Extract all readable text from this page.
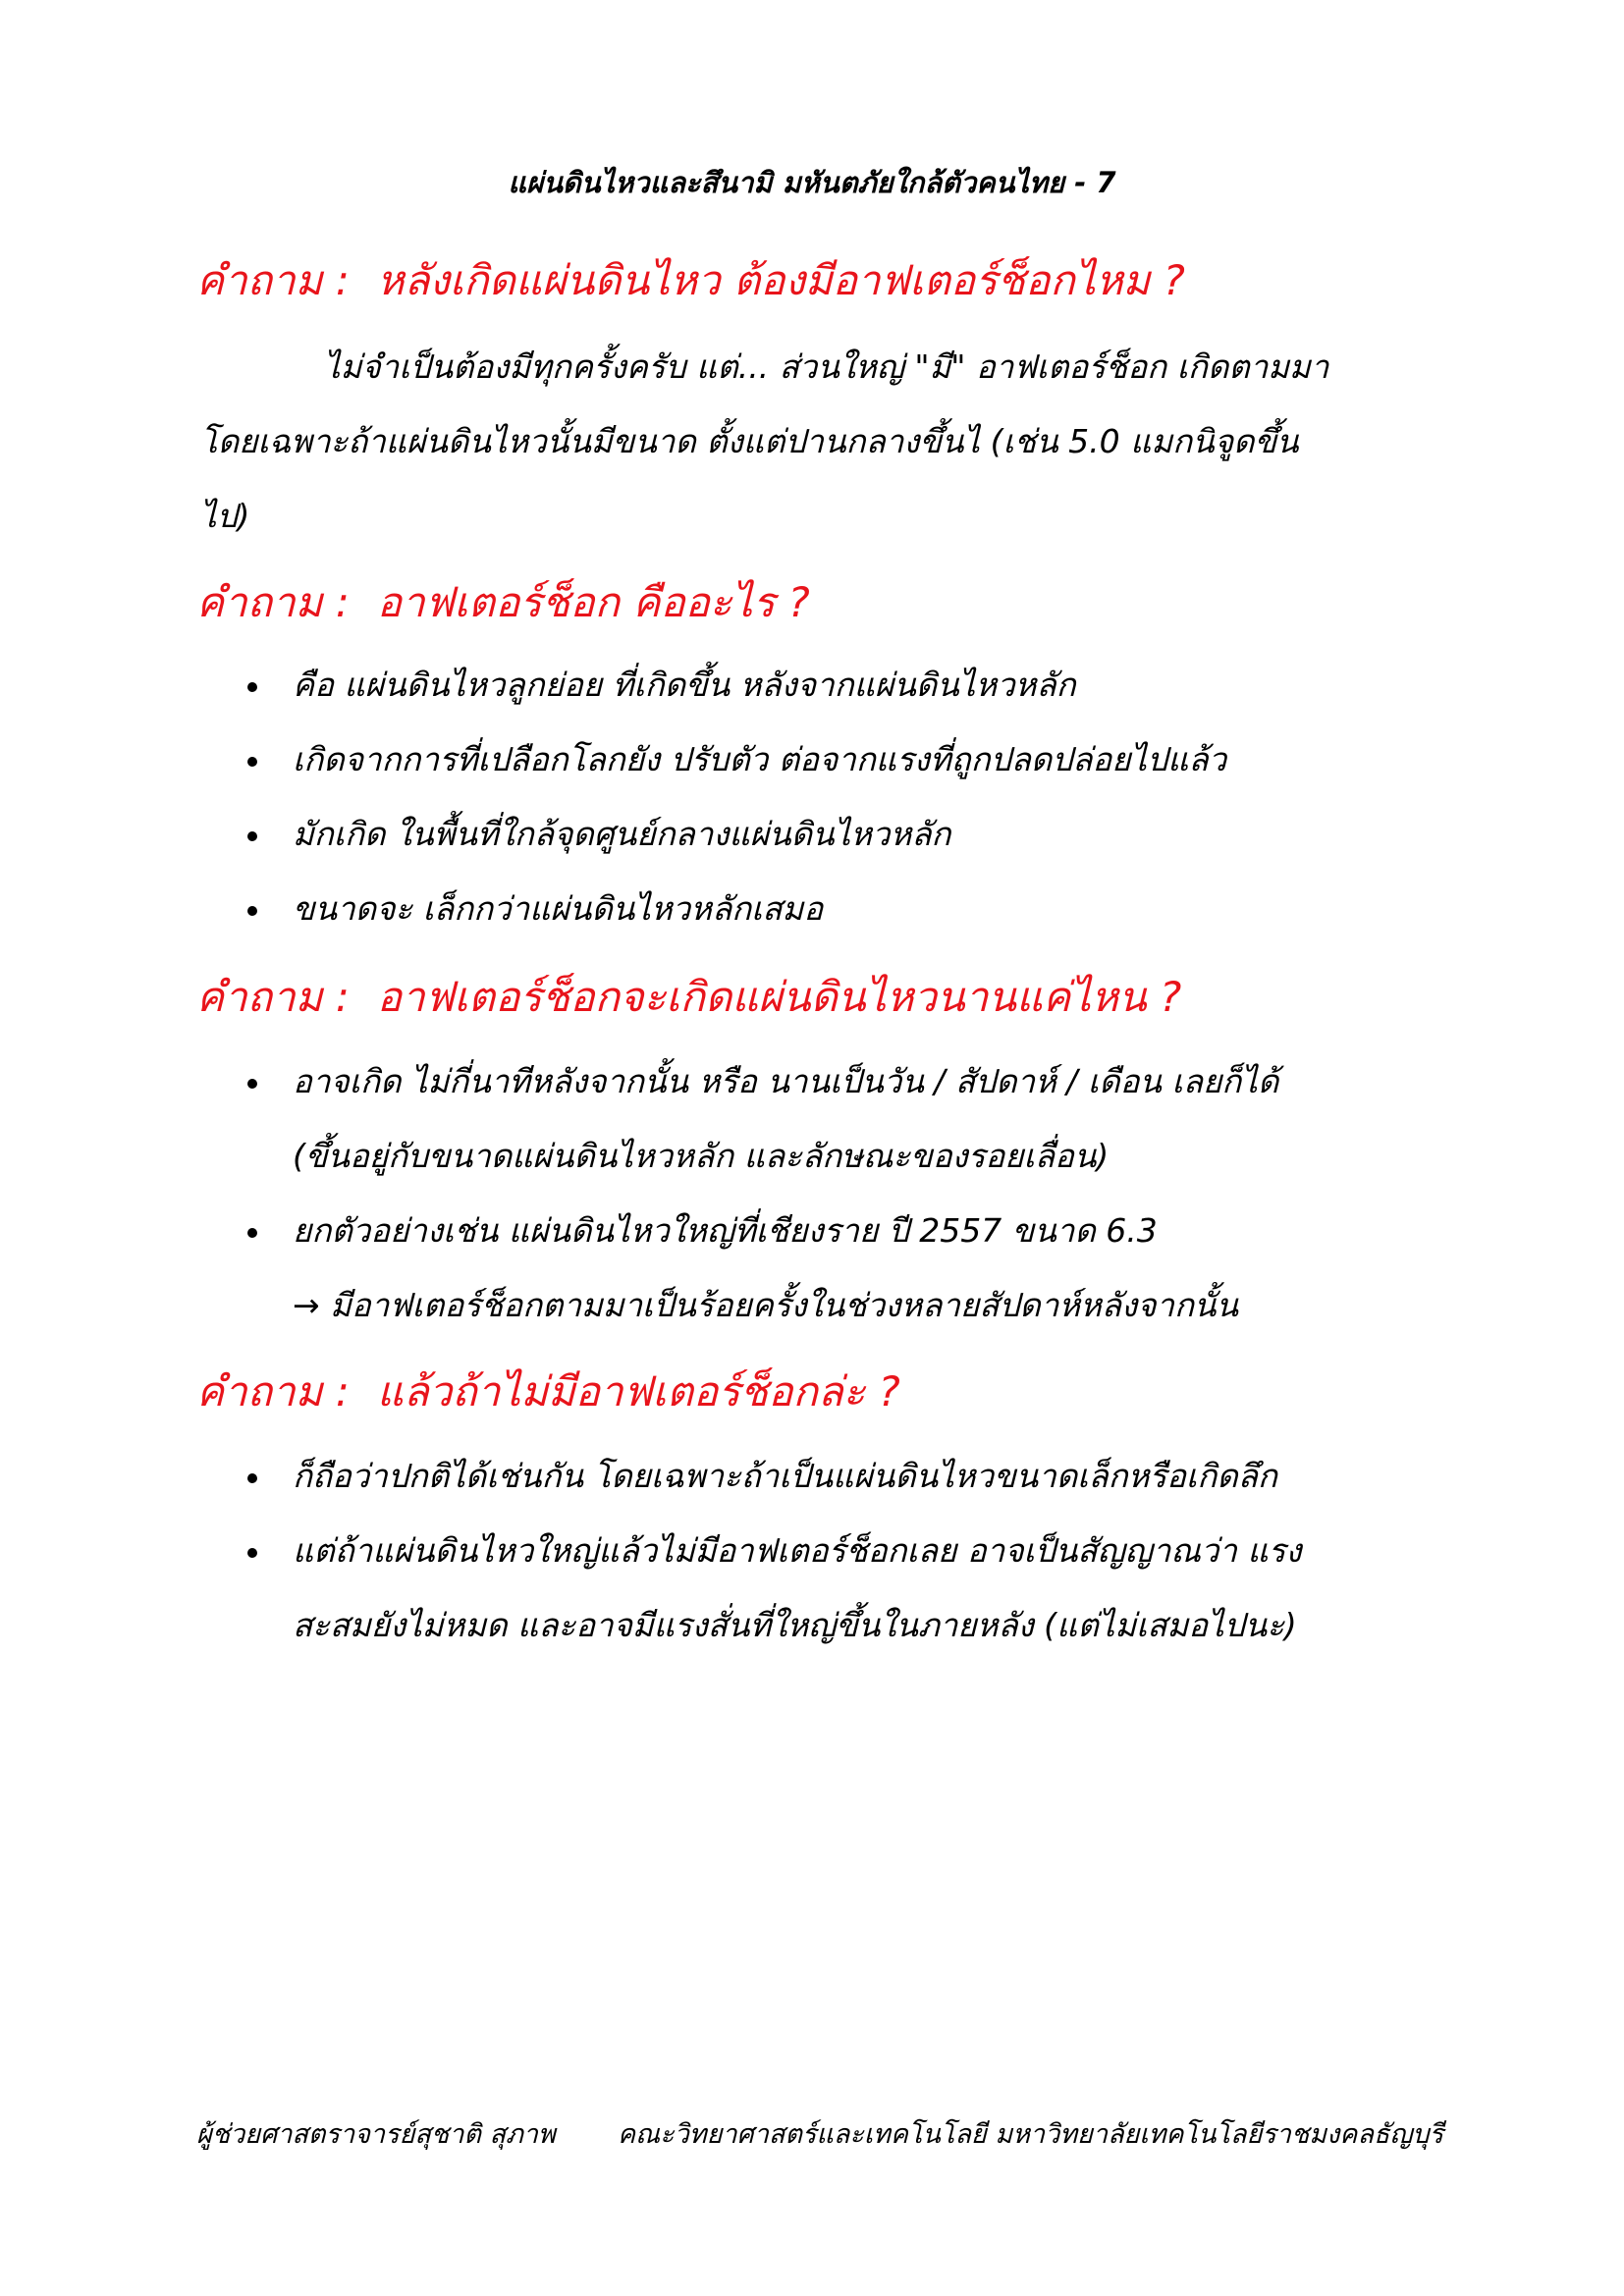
แผ่นดินไหวและสึนามิ มหันตภัยใกล้ตัวคนไทย - 7
คำถาม : หลังเกิดแผ่นดินไหว ต้องมีอาฟเตอร์ช็อกไหม ?
ไม่จำเป็นต้องมีทุกครั้งครับ แต่... ส่วนใหญ่ "มี" อาฟเตอร์ช็อก เกิดตามมา
โดยเฉพาะถ้าแผ่นดินไหวนั้นมีขนาด ตั้งแต่ปานกลางขึ้นไ (เช่น 5.0 แมกนิจูดขึ้น
ไป)
คำถาม : อาฟเตอร์ช็อก คืออะไร ?
คือ แผ่นดินไหวลูกย่อย ที่เกิดขึ้น หลังจากแผ่นดินไหวหลัก
เกิดจากการที่เปลือกโลกยัง ปรับตัว ต่อจากแรงที่ถูกปลดปล่อยไปแล้ว
มักเกิด ในพื้นที่ใกล้จุดศูนย์กลางแผ่นดินไหวหลัก
ขนาดจะ เล็กกว่าแผ่นดินไหวหลักเสมอ
คำถาม : อาฟเตอร์ช็อกจะเกิดแผ่นดินไหวนานแค่ไหน ?
อาจเกิด ไม่กี่นาทีหลังจากนั้น หรือ นานเป็นวัน / สัปดาห์ / เดือน เลยก็ได้
(ขึ้นอยู่กับขนาดแผ่นดินไหวหลัก และลักษณะของรอยเลื่อน)
ยกตัวอย่างเช่น แผ่นดินไหวใหญ่ที่เชียงราย ปี 2557 ขนาด 6.3
→ มีอาฟเตอร์ช็อกตามมาเป็นร้อยครั้งในช่วงหลายสัปดาห์หลังจากนั้น
คำถาม : แล้วถ้าไม่มีอาฟเตอร์ช็อกล่ะ ?
ก็ถือว่าปกติได้เช่นกัน โดยเฉพาะถ้าเป็นแผ่นดินไหวขนาดเล็กหรือเกิดลึก
แต่ถ้าแผ่นดินไหวใหญ่แล้วไม่มีอาฟเตอร์ช็อกเลย อาจเป็นสัญญาณว่า แรง
สะสมยังไม่หมด และอาจมีแรงสั่นที่ใหญ่ขึ้นในภายหลัง (แต่ไม่เสมอไปนะ)
ผู้ช่วยศาสตราจารย์สุชาติ สุภาพ คณะวิทยาศาสตร์และเทคโนโลยี มหาวิทยาลัยเทคโนโลยีราชมงคลธัญบุรี
